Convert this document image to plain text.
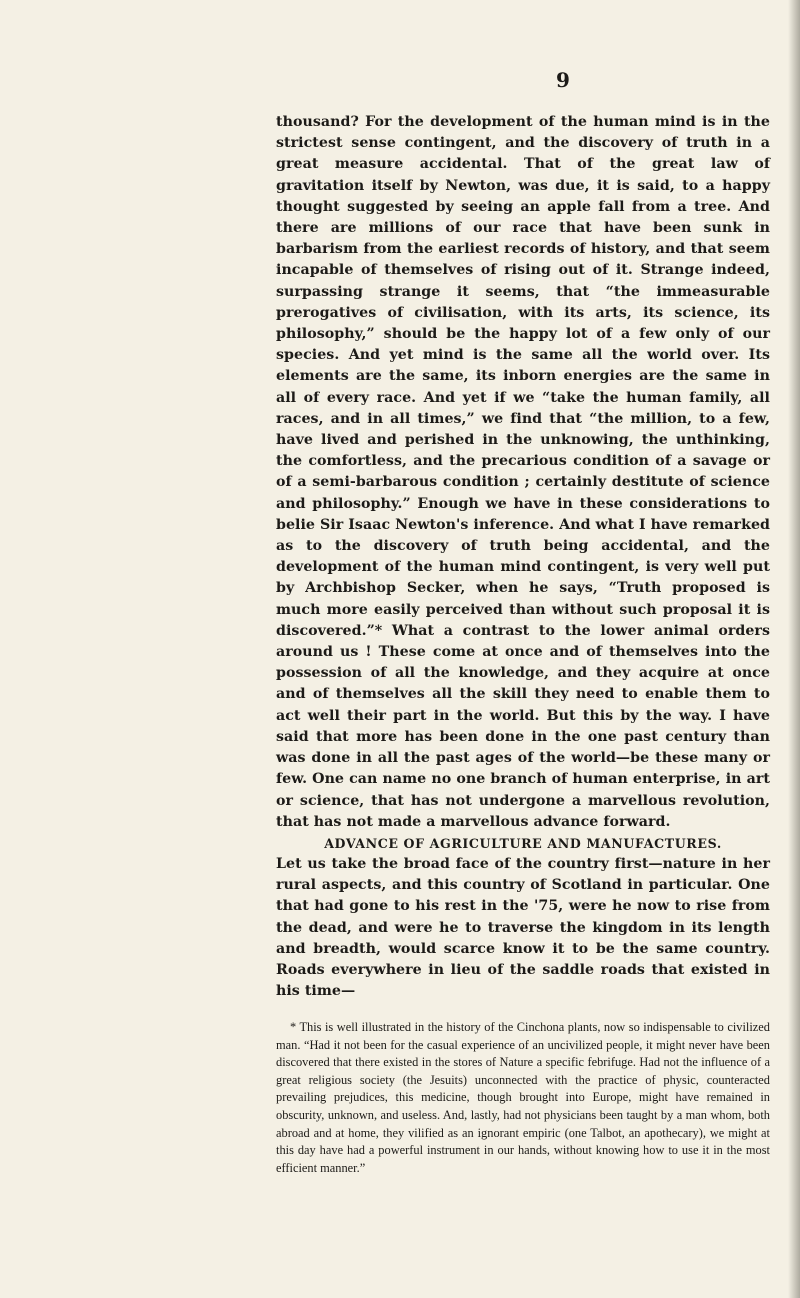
9

thousand? For the development of the human mind is in the strictest sense contingent, and the discovery of truth in a great measure accidental. That of the great law of gravitation itself by Newton, was due, it is said, to a happy thought suggested by seeing an apple fall from a tree. And there are millions of our race that have been sunk in barbarism from the earliest records of history, and that seem incapable of themselves of rising out of it. Strange indeed, surpassing strange it seems, that “the immeasurable prerogatives of civilisation, with its arts, its science, its philosophy,” should be the happy lot of a few only of our species. And yet mind is the same all the world over. Its elements are the same, its inborn energies are the same in all of every race. And yet if we “take the human family, all races, and in all times,” we find that “the million, to a few, have lived and perished in the unknowing, the unthinking, the comfortless, and the precarious condition of a savage or of a semi-barbarous condition ; certainly destitute of science and philosophy.” Enough we have in these considerations to belie Sir Isaac Newton's inference. And what I have remarked as to the discovery of truth being accidental, and the development of the human mind contingent, is very well put by Archbishop Secker, when he says, “Truth proposed is much more easily perceived than without such proposal it is discovered.”* What a contrast to the lower animal orders around us ! These come at once and of themselves into the possession of all the knowledge, and they acquire at once and of themselves all the skill they need to enable them to act well their part in the world. But this by the way. I have said that more has been done in the one past century than was done in all the past ages of the world—be these many or few. One can name no one branch of human enterprise, in art or science, that has not undergone a marvellous revolution, that has not made a marvellous advance forward.

ADVANCE OF AGRICULTURE AND MANUFACTURES.

Let us take the broad face of the country first—nature in her rural aspects, and this country of Scotland in particular. One that had gone to his rest in the '75, were he now to rise from the dead, and were he to traverse the kingdom in its length and breadth, would scarce know it to be the same country. Roads everywhere in lieu of the saddle roads that existed in his time—

* This is well illustrated in the history of the Cinchona plants, now so indispensable to civilized man. “Had it not been for the casual experience of an uncivilized people, it might never have been discovered that there existed in the stores of Nature a specific febrifuge. Had not the influence of a great religious society (the Jesuits) unconnected with the practice of physic, counteracted prevailing prejudices, this medicine, though brought into Europe, might have remained in obscurity, unknown, and useless. And, lastly, had not physicians been taught by a man whom, both abroad and at home, they vilified as an ignorant empiric (one Talbot, an apothecary), we might at this day have had a powerful instrument in our hands, without knowing how to use it in the most efficient manner.”
